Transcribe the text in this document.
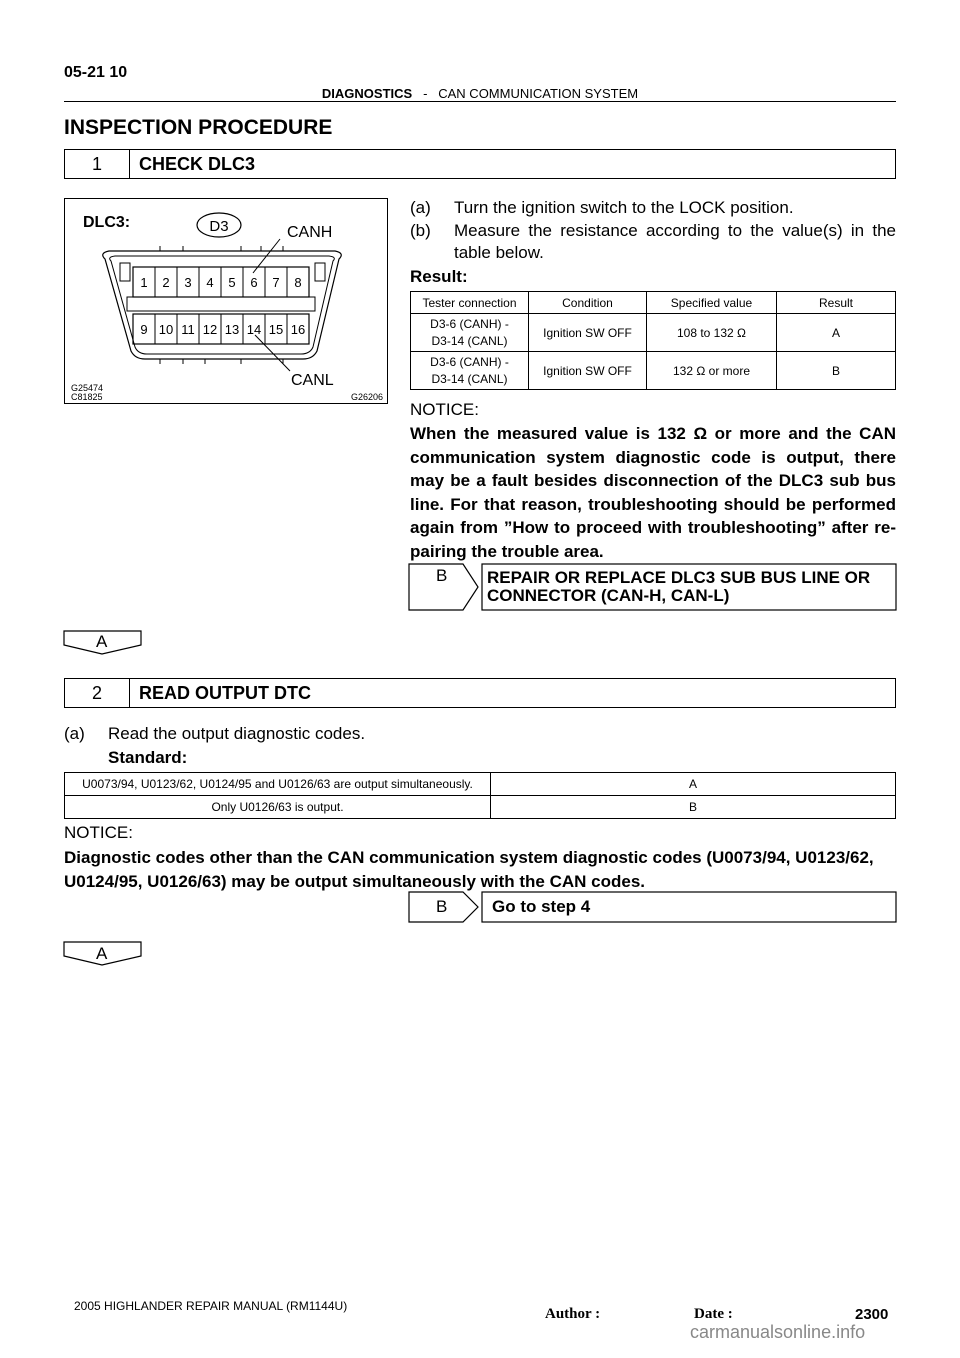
05-21 10
DIAGNOSTICS - CAN COMMUNICATION SYSTEM
INSPECTION PROCEDURE
1	CHECK DLC3
DLC3:	D3	CANH
CANL
1 2 3 4 5 6 7 8
9 10 11 12 13 14 15 16
G25474
C81825	G26206
(a) Turn the ignition switch to the LOCK position.
(b) Measure the resistance according to the value(s) in the table below.
Result:
Tester connection	Condition	Specified value	Result
D3-6 (CANH) - D3-14 (CANL)	Ignition SW OFF	108 to 132 Ω	A
D3-6 (CANH) - D3-14 (CANL)	Ignition SW OFF	132 Ω or more	B
NOTICE:
When the measured value is 132 Ω or more and the CAN communication system diagnostic code is output, there may be a fault besides disconnection of the DLC3 sub bus line. For that reason, troubleshooting should be performed again from ”How to proceed with troubleshooting” after re- pairing the trouble area.
B REPAIR OR REPLACE DLC3 SUB BUS LINE OR
CONNECTOR (CAN-H, CAN-L)
A
2	READ OUTPUT DTC
(a) Read the output diagnostic codes.
Standard:
U0073/94, U0123/62, U0124/95 and U0126/63 are output simultaneously.	A
Only U0126/63 is output.	B
NOTICE:
Diagnostic codes other than the CAN communication system diagnostic codes (U0073/94, U0123/62, U0124/95, U0126/63) may be output simultaneously with the CAN codes.
B	Go to step 4
A
2005 HIGHLANDER REPAIR MANUAL (RM1144U)	Author :	Date :	2300
carmanualsonline.info
